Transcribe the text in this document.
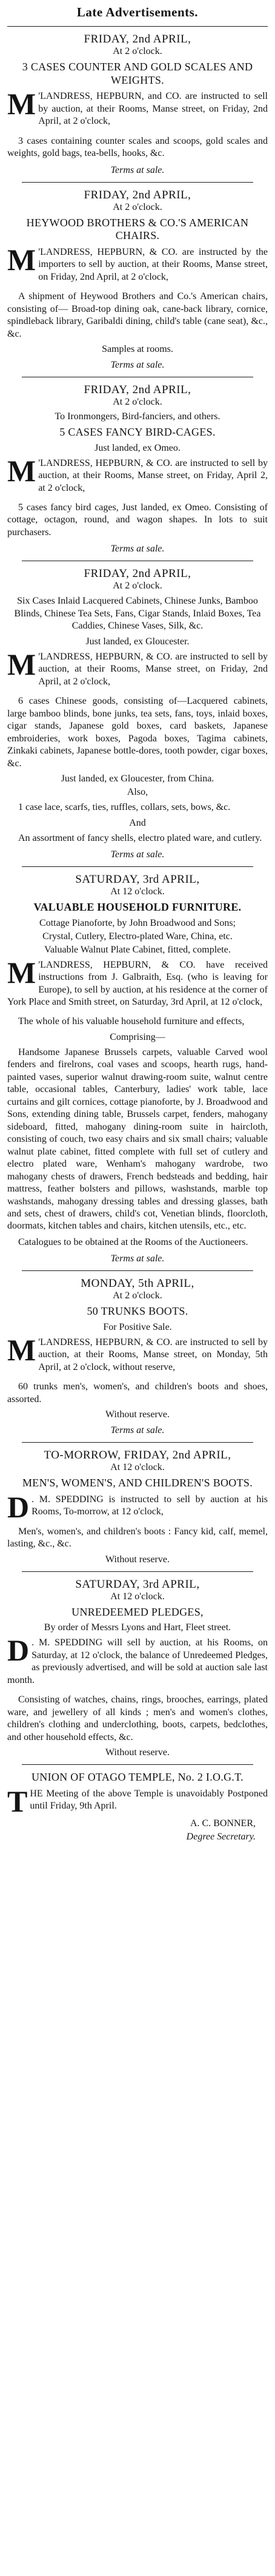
Late Advertisements.
FRIDAY, 2nd APRIL,
At 2 o'clock.
3 CASES COUNTER AND GOLD SCALES AND WEIGHTS.
M 'LANDRESS, HEPBURN, and CO. are instructed to sell by auction, at their Rooms, Manse street, on Friday, 2nd April, at 2 o'clock,
3 cases containing counter scales and scoops, gold scales and weights, gold bags, tea-bells, hooks, &c.
Terms at sale.
FRIDAY, 2nd APRIL,
At 2 o'clock.
HEYWOOD BROTHERS & CO.'S AMERICAN CHAIRS.
M 'LANDRESS, HEPBURN, & CO. are instructed by the importers to sell by auction, at their Rooms, Manse street, on Friday, 2nd April, at 2 o'clock,
A shipment of Heywood Brothers and Co.'s American chairs, consisting of— Broad-top dining oak, cane-back library, cornice, spindleback library, Garibaldi dining, child's table (cane seat), &c., &c.
Samples at rooms.
Terms at sale.
FRIDAY, 2nd APRIL,
At 2 o'clock.
To Ironmongers, Bird-fanciers, and others.
5 CASES FANCY BIRD-CAGES.
Just landed, ex Omeo.
M 'LANDRESS, HEPBURN, & CO. are instructed to sell by auction, at their Rooms, Manse street, on Friday, April 2, at 2 o'clock,
5 cases fancy bird cages, Just landed, ex Omeo. Consisting of cottage, octagon, round, and wagon shapes. In lots to suit purchasers.
Terms at sale.
FRIDAY, 2nd APRIL,
At 2 o'clock.
Six Cases Inlaid Lacquered Cabinets, Chinese Junks, Bamboo Blinds, Chinese Tea Sets, Fans, Cigar Stands, Inlaid Boxes, Tea Caddies, Chinese Vases, Silk, &c.
Just landed, ex Gloucester.
M 'LANDRESS, HEPBURN, & CO. are instructed to sell by auction, at their Rooms, Manse street, on Friday, 2nd April, at 2 o'clock,
6 cases Chinese goods, consisting of—Lacquered cabinets, large bamboo blinds, bone junks, tea sets, fans, toys, inlaid boxes, cigar stands, Japanese gold boxes, card baskets, Japanese embroideries, work boxes, Pagoda boxes, Tagima cabinets, Zinkaki cabinets, Japanese bottle-dores, tooth powder, cigar boxes, &c.
Just landed, ex Gloucester, from China.
Also,
1 case lace, scarfs, ties, ruffles, collars, sets, bows, &c.
And
An assortment of fancy shells, electro plated ware, and cutlery.
Terms at sale.
SATURDAY, 3rd APRIL,
At 12 o'clock.
VALUABLE HOUSEHOLD FURNITURE.
Cottage Pianoforte, by John Broadwood and Sons;
Crystal, Cutlery, Electro-plated Ware, China, etc.
Valuable Walnut Plate Cabinet, fitted, complete.
M 'LANDRESS, HEPBURN, & CO. have received instructions from J. Galbraith, Esq. (who is leaving for Europe), to sell by auction, at his residence at the corner of York Place and Smith street, on Saturday, 3rd April, at 12 o'clock,
The whole of his valuable household furniture and effects,
Comprising—
Handsome Japanese Brussels carpets, valuable Carved wool fenders and firelrons, coal vases and scoops, hearth rugs, hand-painted vases, superior walnut drawing-room suite, walnut centre table, occasional tables, Canterbury, ladies' work table, lace curtains and gilt cornices, cottage pianoforte, by J. Broadwood and Sons, extending dining table, Brussels carpet, fenders, mahogany sideboard, fitted, mahogany dining-room suite in haircloth, consisting of couch, two easy chairs and six small chairs; valuable walnut plate cabinet, fitted complete with full set of cutlery and electro plated ware, Wenham's mahogany wardrobe, two mahogany chests of drawers, French bedsteads and bedding, hair mattress, feather bolsters and pillows, washstands, marble top washstands, mahogany dressing tables and dressing glasses, bath and sets, chest of drawers, child's cot, Venetian blinds, floorcloth, doormats, kitchen tables and chairs, kitchen utensils, etc., etc.
Catalogues to be obtained at the Rooms of the Auctioneers.
Terms at sale.
MONDAY, 5th APRIL,
At 2 o'clock.
50 TRUNKS BOOTS.
For Positive Sale.
M 'LANDRESS, HEPBURN, & CO. are instructed to sell by auction, at their Rooms, Manse street, on Monday, 5th April, at 2 o'clock, without reserve,
60 trunks men's, women's, and children's boots and shoes, assorted.
Without reserve.
Terms at sale.
TO-MORROW, FRIDAY, 2nd APRIL,
At 12 o'clock.
MEN'S, WOMEN'S, AND CHILDREN'S BOOTS.
D . M. SPEDDING is instructed to sell by auction at his Rooms, To-morrow, at 12 o'clock,
Men's, women's, and children's boots : Fancy kid, calf, memel, lasting, &c., &c.
Without reserve.
SATURDAY, 3rd APRIL,
At 12 o'clock.
UNREDEEMED PLEDGES,
By order of Messrs Lyons and Hart, Fleet street.
D . M. SPEDDING will sell by auction, at his Rooms, on Saturday, at 12 o'clock, the balance of Unredeemed Pledges, as previously advertised, and will be sold at auction sale last month.
Consisting of watches, chains, rings, brooches, earrings, plated ware, and jewellery of all kinds ; men's and women's clothes, children's clothing and underclothing, boots, carpets, bedclothes, and other household effects, &c.
Without reserve.
UNION OF OTAGO TEMPLE, No. 2 I.O.G.T.
THE Meeting of the above Temple is unavoidably Postponed until Friday, 9th April.
A. C. BONNER,
Degree Secretary.
